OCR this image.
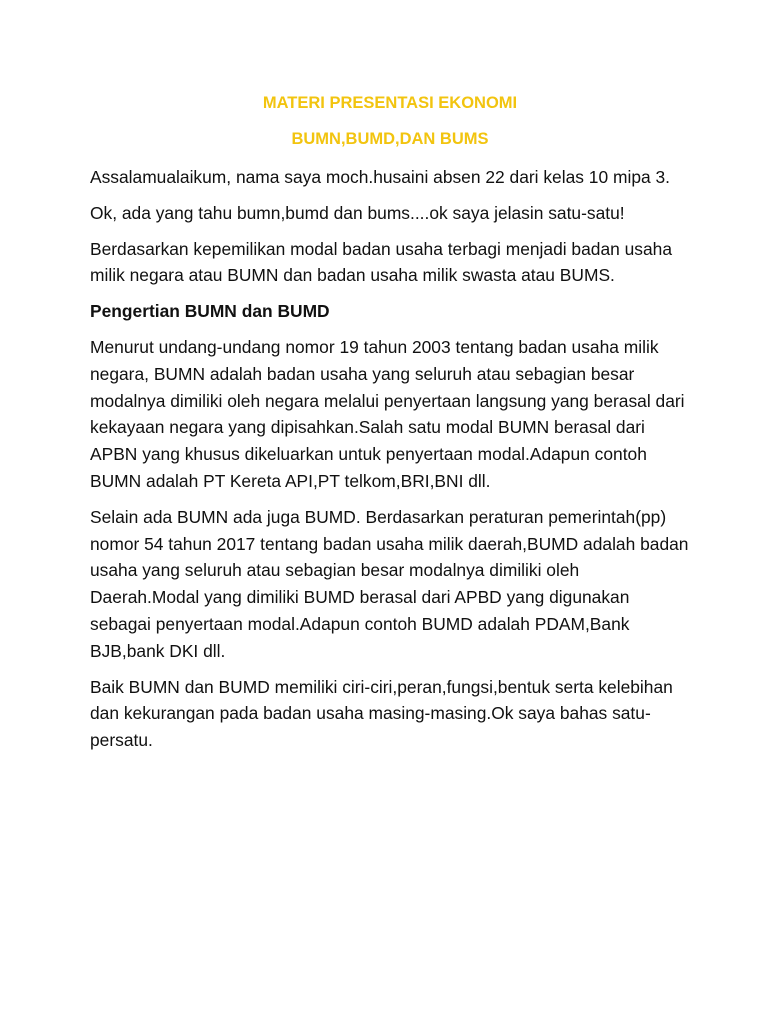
MATERI PRESENTASI EKONOMI
BUMN,BUMD,DAN BUMS

Assalamualaikum, nama saya moch.husaini absen 22 dari kelas 10 mipa 3.

Ok, ada yang tahu bumn,bumd dan bums....ok saya jelasin satu-satu!

Berdasarkan kepemilikan modal badan usaha terbagi menjadi badan usaha milik negara atau BUMN dan badan usaha milik swasta atau BUMS.

Pengertian BUMN dan BUMD

Menurut undang-undang nomor 19 tahun 2003 tentang badan usaha milik negara, BUMN adalah badan usaha yang seluruh atau sebagian besar modalnya dimiliki oleh negara melalui penyertaan langsung yang berasal dari kekayaan negara yang dipisahkan.Salah satu modal BUMN berasal dari APBN yang khusus dikeluarkan untuk penyertaan modal.Adapun contoh BUMN adalah PT Kereta API,PT telkom,BRI,BNI dll.

Selain ada BUMN ada juga BUMD. Berdasarkan peraturan pemerintah(pp) nomor 54 tahun 2017 tentang badan usaha milik daerah,BUMD adalah badan usaha yang seluruh atau sebagian besar modalnya dimiliki oleh Daerah.Modal yang dimiliki BUMD berasal dari APBD yang digunakan sebagai penyertaan modal.Adapun contoh BUMD adalah PDAM,Bank BJB,bank DKI dll.

Baik BUMN dan BUMD memiliki ciri-ciri,peran,fungsi,bentuk serta kelebihan dan kekurangan pada badan usaha masing-masing.Ok saya bahas satu-persatu.
